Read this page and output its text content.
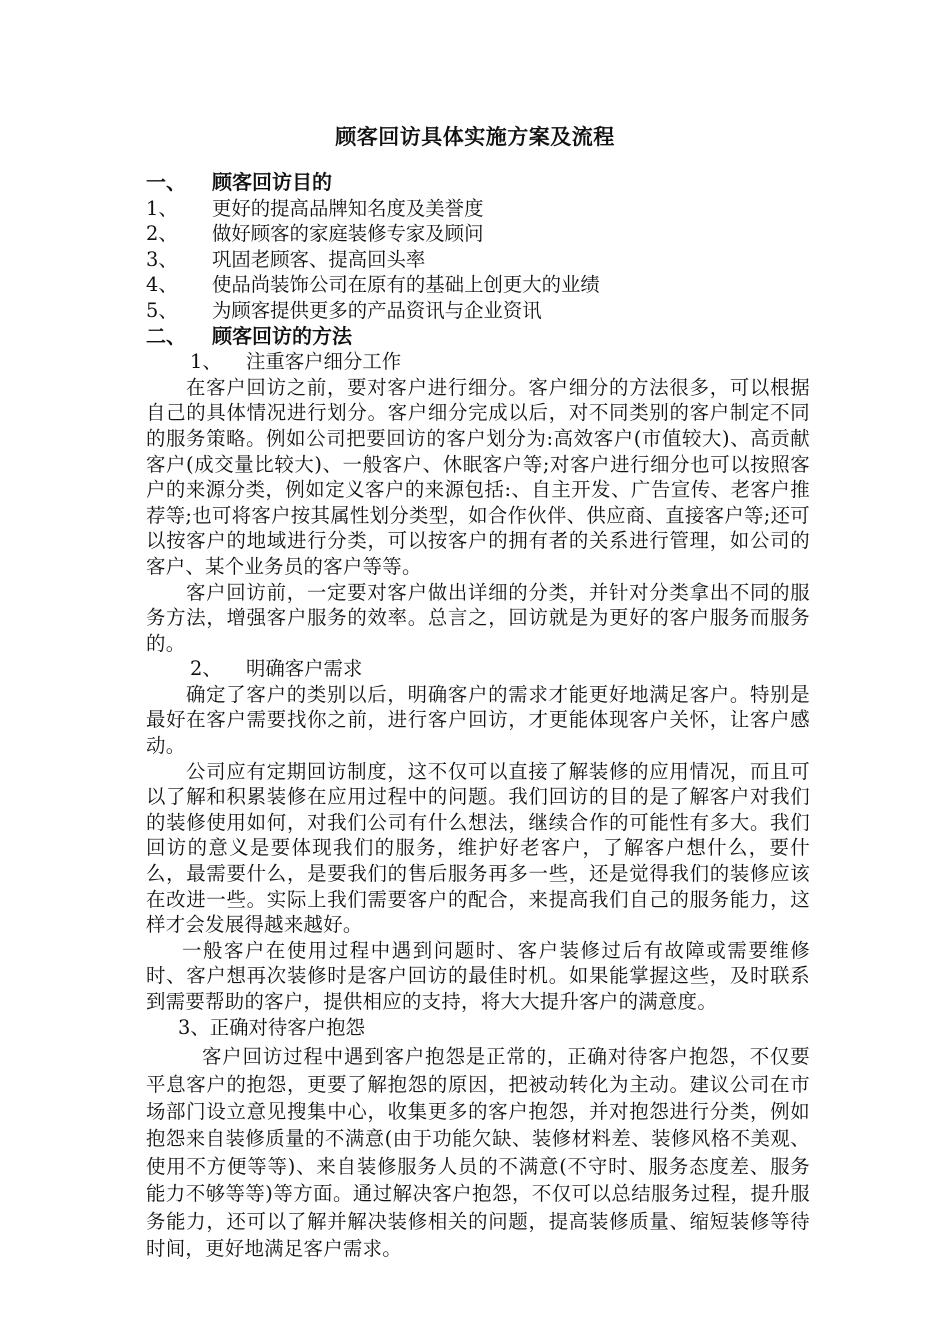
顾客回访具体实施方案及流程
一、 顾客回访目的
1、 更好的提高品牌知名度及美誉度
2、 做好顾客的家庭装修专家及顾问
3、 巩固老顾客、提高回头率
4、 使品尚装饰公司在原有的基础上创更大的业绩
5、 为顾客提供更多的产品资讯与企业资讯
二、 顾客回访的方法
1、 注重客户细分工作

在客户回访之前，要对客户进行细分。客户细分的方法很多，可以根据自己的具体情况进行划分。客户细分完成以后，对不同类别的客户制定不同的服务策略。例如公司把要回访的客户划分为:高效客户(市值较大)、高贡献客户(成交量比较大)、一般客户、休眠客户等;对客户进行细分也可以按照客户的来源分类，例如定义客户的来源包括:、自主开发、广告宣传、老客户推荐等;也可将客户按其属性划分类型，如合作伙伴、供应商、直接客户等;还可以按客户的地域进行分类，可以按客户的拥有者的关系进行管理，如公司的客户、某个业务员的客户等等。

客户回访前，一定要对客户做出详细的分类，并针对分类拿出不同的服务方法，增强客户服务的效率。总言之，回访就是为更好的客户服务而服务的。

2、 明确客户需求

确定了客户的类别以后，明确客户的需求才能更好地满足客户。特别是最好在客户需要找你之前，进行客户回访，才更能体现客户关怀，让客户感动。

公司应有定期回访制度，这不仅可以直接了解装修的应用情况，而且可以了解和积累装修在应用过程中的问题。我们回访的目的是了解客户对我们的装修使用如何，对我们公司有什么想法，继续合作的可能性有多大。我们回访的意义是要体现我们的服务，维护好老客户，了解客户想什么，要什么，最需要什么，是要我们的售后服务再多一些，还是觉得我们的装修应该在改进一些。实际上我们需要客户的配合，来提高我们自己的服务能力，这样才会发展得越来越好。

一般客户在使用过程中遇到问题时、客户装修过后有故障或需要维修时、客户想再次装修时是客户回访的最佳时机。如果能掌握这些，及时联系到需要帮助的客户，提供相应的支持，将大大提升客户的满意度。

3、正确对待客户抱怨

客户回访过程中遇到客户抱怨是正常的，正确对待客户抱怨，不仅要平息客户的抱怨，更要了解抱怨的原因，把被动转化为主动。建议公司在市场部门设立意见搜集中心，收集更多的客户抱怨，并对抱怨进行分类，例如抱怨来自装修质量的不满意(由于功能欠缺、装修材料差、装修风格不美观、使用不方便等等)、来自装修服务人员的不满意(不守时、服务态度差、服务能力不够等等)等方面。通过解决客户抱怨，不仅可以总结服务过程，提升服务能力，还可以了解并解决装修相关的问题，提高装修质量、缩短装修等待时间，更好地满足客户需求。
